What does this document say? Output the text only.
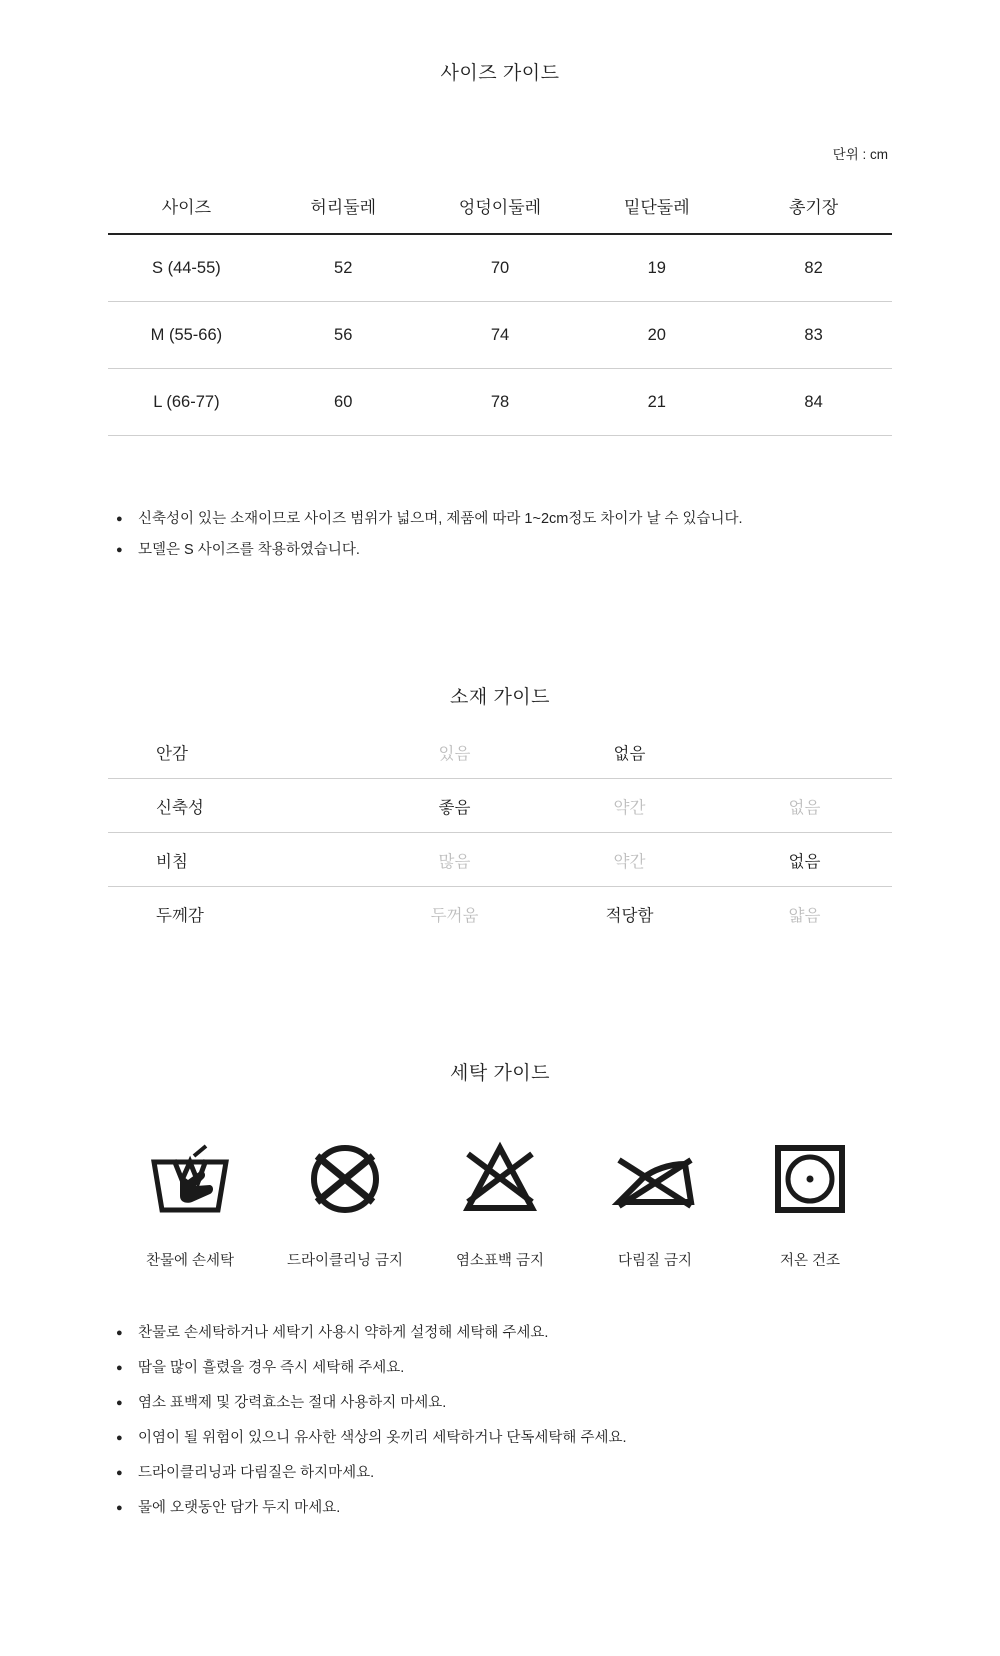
사이즈 가이드
단위 : cm
사이즈	허리둘레	엉덩이둘레	밑단둘레	총기장
S (44-55)	52	70	19	82
M (55-66)	56	74	20	83
L (66-77)	60	78	21	84
●	신축성이 있는 소재이므로 사이즈 범위가 넓으며, 제품에 따라 1~2cm정도 차이가 날 수 있습니다.
●	모델은 S 사이즈를 착용하였습니다.
소재 가이드
안감	있음	없음	
신축성	좋음	약간	없음
비침	많음	약간	없음
두께감	두꺼움	적당함	얇음
세탁 가이드
찬물에 손세탁	드라이클리닝 금지	염소표백 금지	다림질 금지	저온 건조
●	찬물로 손세탁하거나 세탁기 사용시 약하게 설정해 세탁해 주세요.
●	땀을 많이 흘렸을 경우 즉시 세탁해 주세요.
●	염소 표백제 및 강력효소는 절대 사용하지 마세요.
●	이염이 될 위험이 있으니 유사한 색상의 옷끼리 세탁하거나 단독세탁해 주세요.
●	드라이클리닝과 다림질은 하지마세요.
●	물에 오랫동안 담가 두지 마세요.
